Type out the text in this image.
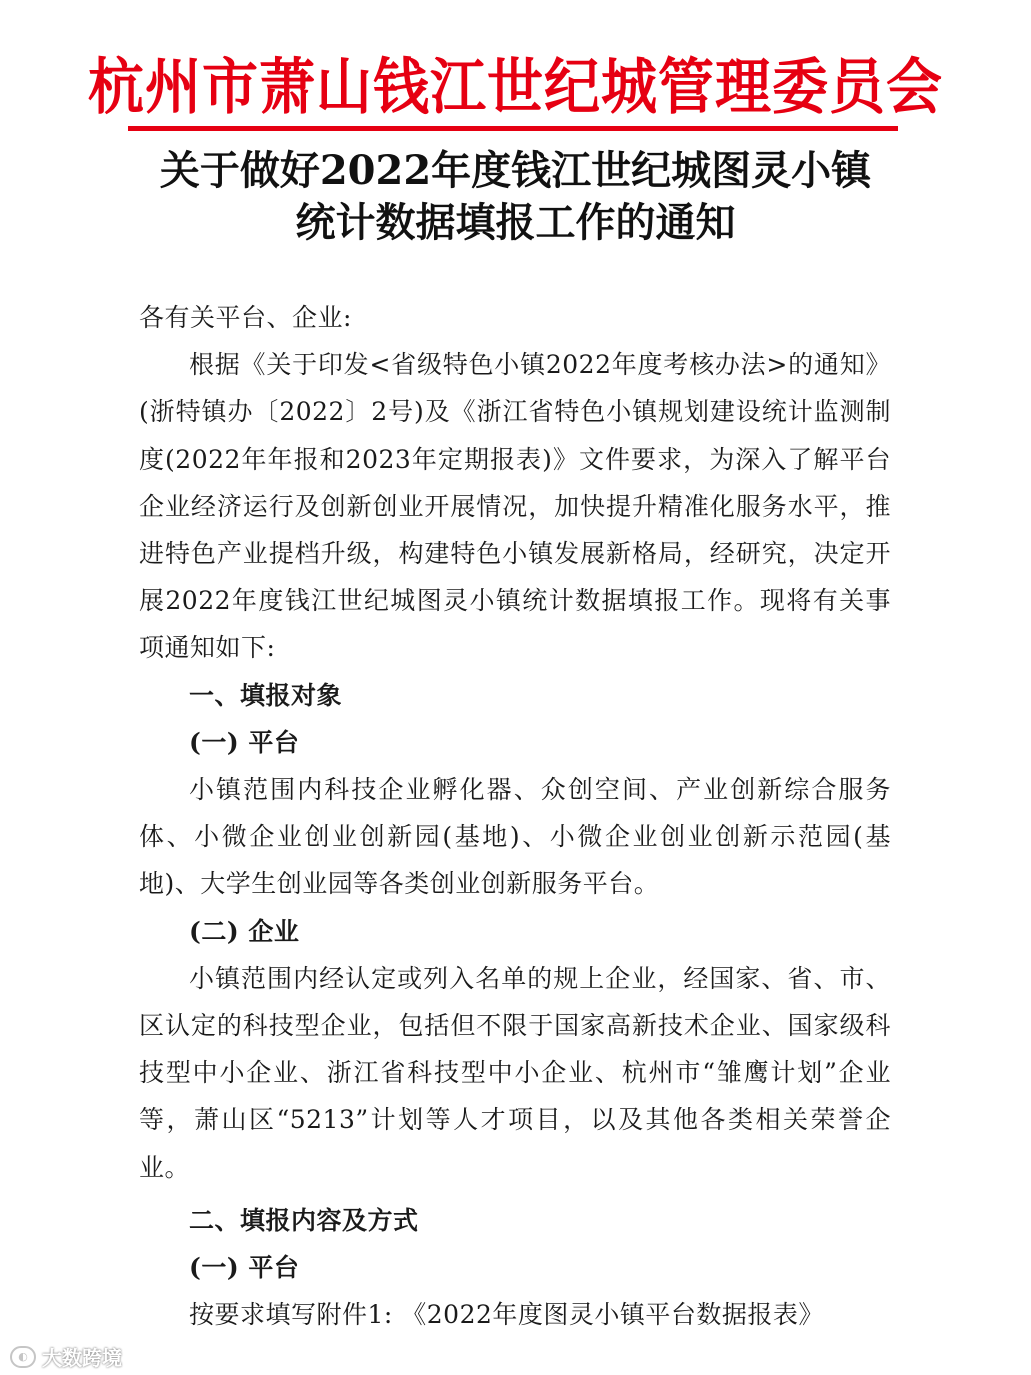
杭州市萧山钱江世纪城管理委员会
关于做好2022年度钱江世纪城图灵小镇
统计数据填报工作的通知

各有关平台、企业:

根据《关于印发<省级特色小镇2022年度考核办法>的通知》(浙特镇办〔2022〕2号)及《浙江省特色小镇规划建设统计监测制度(2022年年报和2023年定期报表)》文件要求，为深入了解平台企业经济运行及创新创业开展情况，加快提升精准化服务水平，推进特色产业提档升级，构建特色小镇发展新格局，经研究，决定开展2022年度钱江世纪城图灵小镇统计数据填报工作。现将有关事项通知如下:

一、填报对象

(一) 平台

小镇范围内科技企业孵化器、众创空间、产业创新综合服务体、小微企业创业创新园(基地)、小微企业创业创新示范园(基地)、大学生创业园等各类创业创新服务平台。

(二) 企业

小镇范围内经认定或列入名单的规上企业，经国家、省、市、区认定的科技型企业，包括但不限于国家高新技术企业、国家级科技型中小企业、浙江省科技型中小企业、杭州市“雏鹰计划”企业等，萧山区“5213”计划等人才项目，以及其他各类相关荣誉企业。

二、填报内容及方式

(一) 平台

按要求填写附件1: 《2022年度图灵小镇平台数据报表》

◐ 大数跨境
